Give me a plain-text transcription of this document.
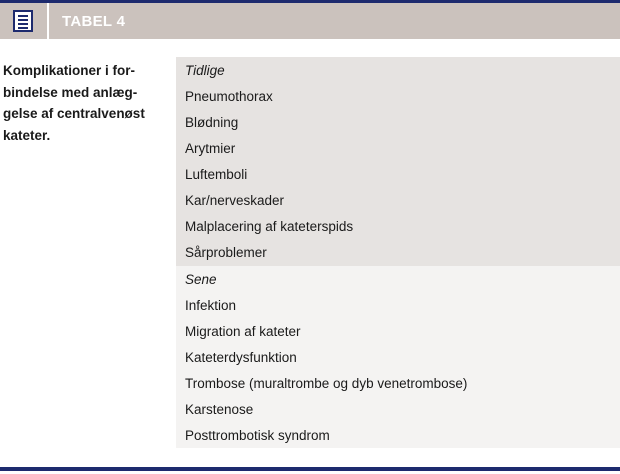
TABEL 4
Komplikationer i for-
bindelse med anlæg-
gelse af centralvenøst
kateter.
Tidlige
Pneumothorax
Blødning
Arytmier
Luftemboli
Kar/nerveskader
Malplacering af kateterspids
Sårproblemer
Sene
Infektion
Migration af kateter
Kateterdysfunktion
Trombose (muraltrombe og dyb venetrombose)
Karstenose
Posttrombotisk syndrom
